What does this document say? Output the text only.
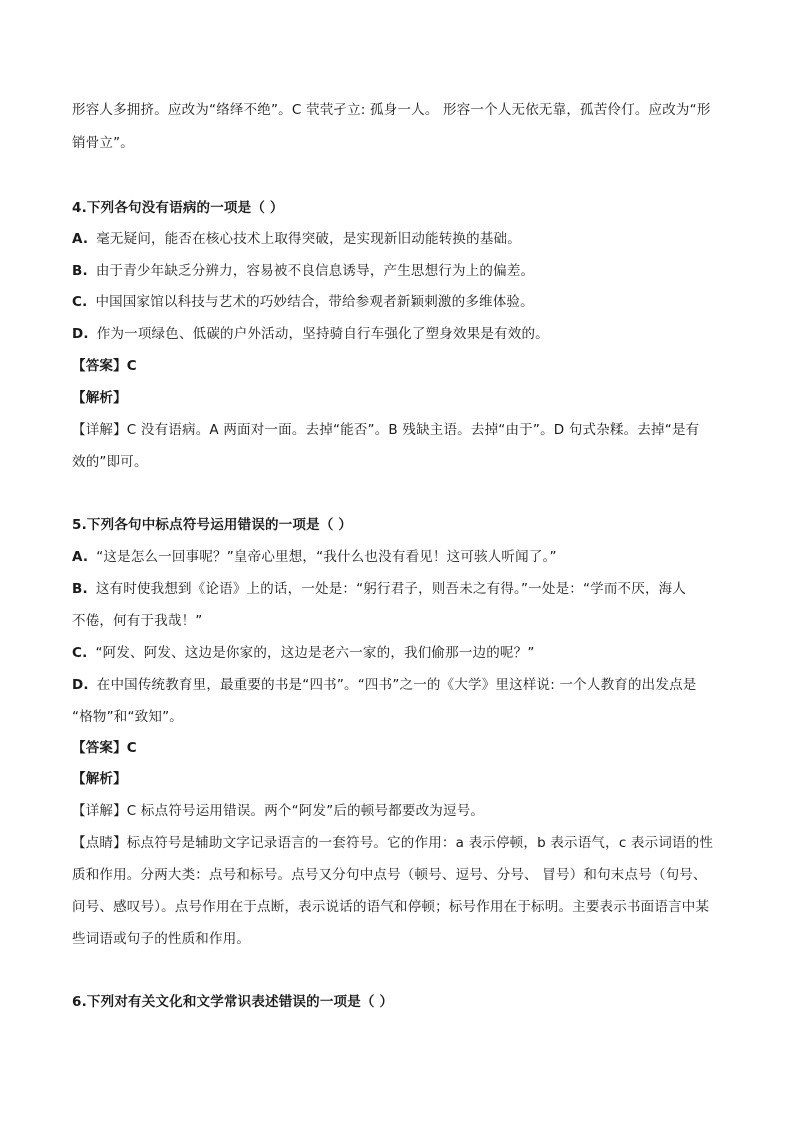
形容人多拥挤。应改为“络绎不绝”。C 茕茕孑立: 孤身一人。 形容一个人无依无靠，孤苦伶仃。应改为“形
销骨立”。
4.下列各句没有语病的一项是（ ）
A. 毫无疑问，能否在核心技术上取得突破，是实现新旧动能转换的基础。
B. 由于青少年缺乏分辨力，容易被不良信息诱导，产生思想行为上的偏差。
C. 中国国家馆以科技与艺术的巧妙结合，带给参观者新颖刺激的多维体验。
D. 作为一项绿色、低碳的户外活动，坚持骑自行车强化了塑身效果是有效的。
【答案】C
【解析】
【详解】C 没有语病。A 两面对一面。去掉“能否”。B 残缺主语。去掉“由于”。D 句式杂糅。去掉“是有
效的”即可。
5.下列各句中标点符号运用错误的一项是（ ）
A. “这是怎么一回事呢？”皇帝心里想，“我什么也没有看见！这可骇人听闻了。”
B. 这有时使我想到《论语》上的话，一处是：“躬行君子，则吾未之有得。”一处是：“学而不厌，海人
不倦，何有于我哉！”
C. “阿发、阿发、这边是你家的，这边是老六一家的，我们偷那一边的呢？”
D. 在中国传统教育里，最重要的书是“四书”。“四书”之一的《大学》里这样说: 一个人教育的出发点是
“格物”和“致知”。
【答案】C
【解析】
【详解】C 标点符号运用错误。两个“阿发”后的顿号都要改为逗号。
【点睛】标点符号是辅助文字记录语言的一套符号。它的作用：a 表示停顿，b 表示语气，c 表示词语的性
质和作用。分两大类：点号和标号。点号又分句中点号（顿号、逗号、分号、 冒号）和句末点号（句号、
问号、感叹号）。点号作用在于点断，表示说话的语气和停顿；标号作用在于标明。主要表示书面语言中某
些词语或句子的性质和作用。
6.下列对有关文化和文学常识表述错误的一项是（ ）
